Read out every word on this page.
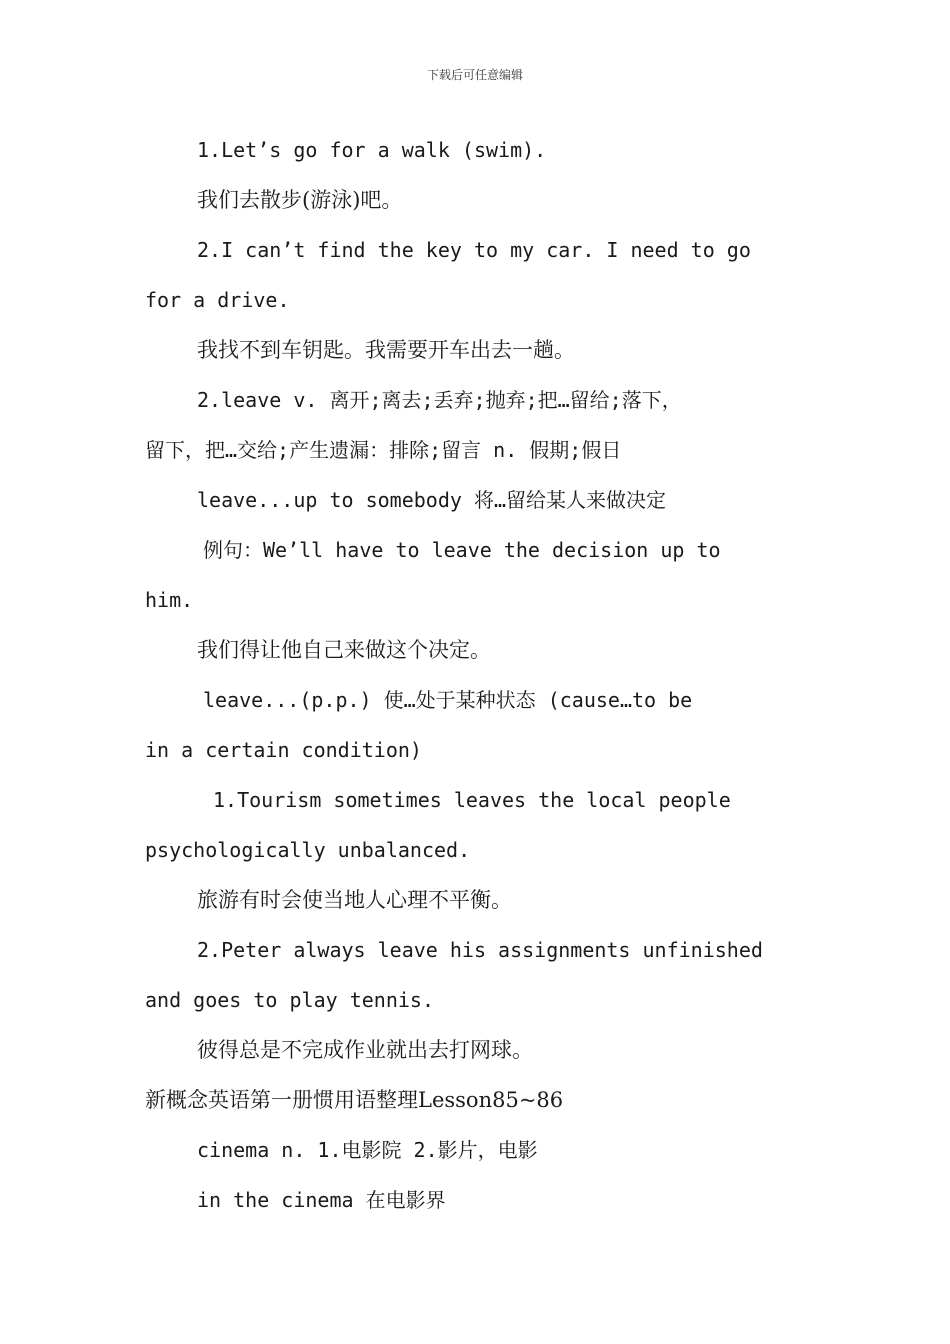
下载后可任意编辑
1.Let’s go for a walk (swim).
我们去散步(游泳)吧。
2.I can’t find the key to my car. I need to go
for a drive.
我找不到车钥匙。我需要开车出去一趟。
2.leave v. 离开;离去;丢弃;抛弃;把…留给;落下，
留下，把…交给;产生遗漏：排除;留言 n. 假期;假日
leave...up to somebody 将…留给某人来做决定
例句：We’ll have to leave the decision up to
him.
我们得让他自己来做这个决定。
leave...(p.p.) 使…处于某种状态 (cause…to be
in a certain condition)
1.Tourism sometimes leaves the local people
psychologically unbalanced.
旅游有时会使当地人心理不平衡。
2.Peter always leave his assignments unfinished
and goes to play tennis.
彼得总是不完成作业就出去打网球。
新概念英语第一册惯用语整理Lesson85~86
cinema n. 1.电影院 2.影片，电影
in the cinema 在电影界
